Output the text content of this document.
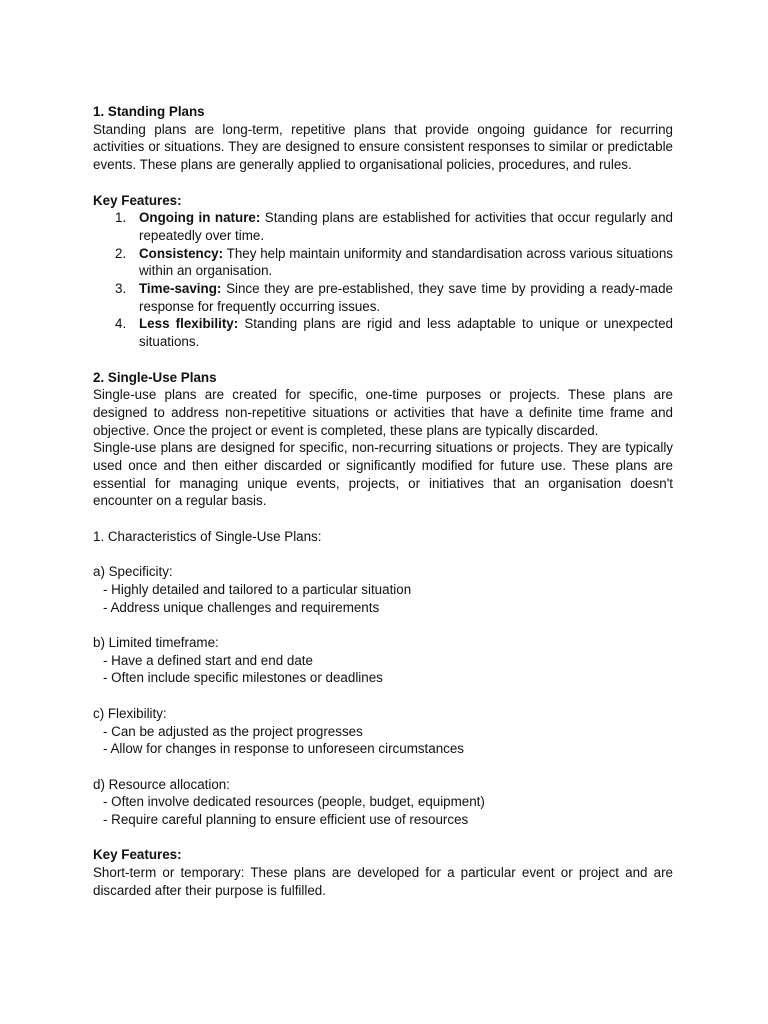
1. Standing Plans

Standing plans are long-term, repetitive plans that provide ongoing guidance for recurring activities or situations. They are designed to ensure consistent responses to similar or predictable events. These plans are generally applied to organisational policies, procedures, and rules.

Key Features:
1. Ongoing in nature: Standing plans are established for activities that occur regularly and repeatedly over time.
2. Consistency: They help maintain uniformity and standardisation across various situations within an organisation.
3. Time-saving: Since they are pre-established, they save time by providing a ready-made response for frequently occurring issues.
4. Less flexibility: Standing plans are rigid and less adaptable to unique or unexpected situations.
2. Single-Use Plans

Single-use plans are created for specific, one-time purposes or projects. These plans are designed to address non-repetitive situations or activities that have a definite time frame and objective. Once the project or event is completed, these plans are typically discarded.

Single-use plans are designed for specific, non-recurring situations or projects. They are typically used once and then either discarded or significantly modified for future use. These plans are essential for managing unique events, projects, or initiatives that an organisation doesn't encounter on a regular basis.

1. Characteristics of Single-Use Plans:
a) Specificity:
- Highly detailed and tailored to a particular situation
- Address unique challenges and requirements
b) Limited timeframe:
- Have a defined start and end date
- Often include specific milestones or deadlines
c) Flexibility:
- Can be adjusted as the project progresses
- Allow for changes in response to unforeseen circumstances
d) Resource allocation:
- Often involve dedicated resources (people, budget, equipment)
- Require careful planning to ensure efficient use of resources
Key Features:

Short-term or temporary: These plans are developed for a particular event or project and are discarded after their purpose is fulfilled.
